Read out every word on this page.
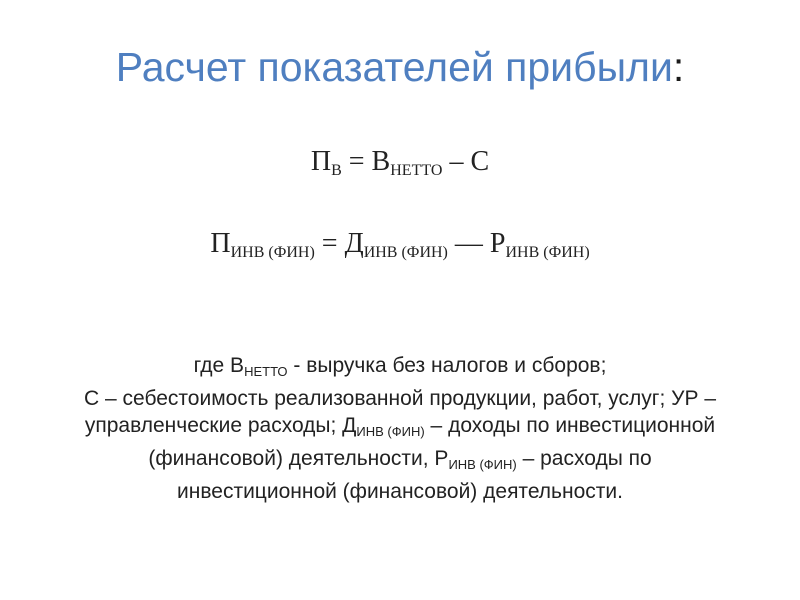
Расчет показателей прибыли:
$П_В = В_{НЕТТО} - С$
$П_{ИНВ (ФИН)} = Д_{ИНВ (ФИН)}$ — $Р_{ИНВ (ФИН)}$
где $В_{НЕТТО}$ - выручка без налогов и сборов;
С – себестоимость реализованной продукции, работ, услуг; УР –
управленческие расходы; $Д_{ИНВ (ФИН)}$ – доходы по инвестиционной
(финансовой) деятельности, $Р_{ИНВ (ФИН)}$ – расходы по
инвестиционной (финансовой) деятельности.
